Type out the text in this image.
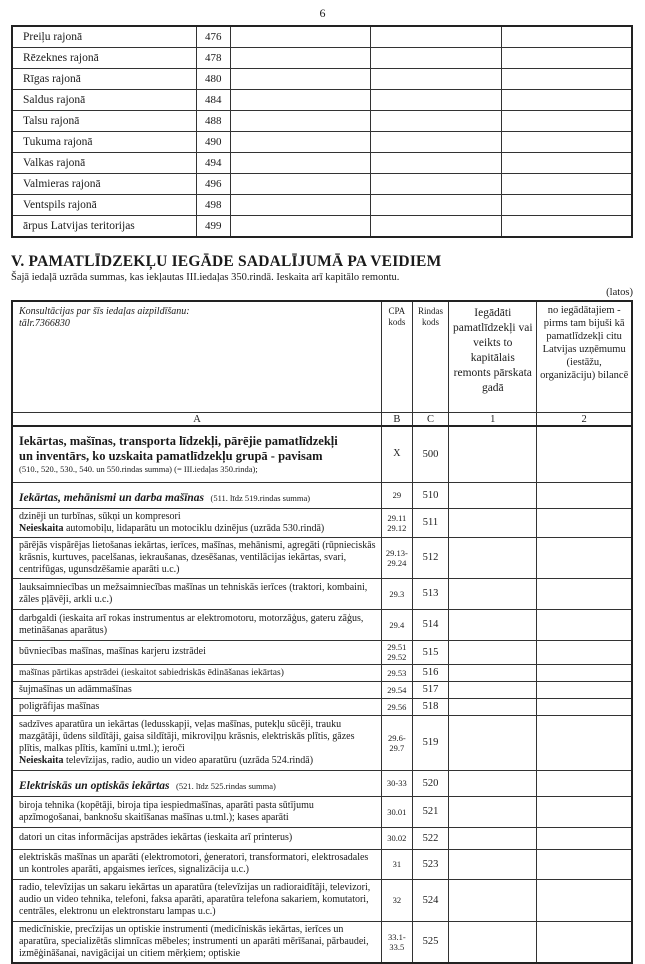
6
Preiļu rajonā	476			
Rēzeknes rajonā	478			
Rīgas rajonā	480			
Saldus rajonā	484			
Talsu rajonā	488			
Tukuma rajonā	490			
Valkas rajonā	494			
Valmieras rajonā	496			
Ventspils rajonā	498			
ārpus Latvijas teritorijas	499			
V. PAMATLĪDZEKĻU IEGĀDE SADALĪJUMĀ PA VEIDIEM
Šajā iedaļā uzrāda summas, kas iekļautas III.iedaļas 350.rindā. Ieskaita arī kapitālo remontu.
(latos)
Konsultācijas par šīs iedaļas aizpildīšanu:
tālr.7366830	CPA kods	Rindas kods	Iegādāti pamatlīdzekļi vai veikts to kapitālais remonts pārskata gadā	no iegādātajiem - pirms tam bijuši kā pamatlīdzekļi citu Latvijas uzņēmumu (iestāžu, organizāciju) bilancē
A	B	C	1	2

Iekārtas, mašīnas, transporta līdzekļi, pārējie pamatlīdzekļi
un inventārs, ko uzskaita pamatlīdzekļu grupā - pavisam
(510., 520., 530., 540. un 550.rindas summa) (= III.iedaļas 350.rinda);	X	500		
Iekārtas, mehānismi un darba mašīnas (511. līdz 519.rindas summa)	29	510		

dzinēji un turbīnas, sūkņi un kompresori
Neieskaita automobiļu, lidaparātu un motociklu dzinējus (uzrāda 530.rindā)	29.11 29.12	511		
pārējās vispārējas lietošanas iekārtas, ierīces, mašīnas, mehānismi, agregāti (rūpnieciskās krāsnis, kurtuves, pacelšanas, iekraušanas, dzesēšanas, ventilācijas iekārtas, svari, centrifūgas, ugunsdzēšamie aparāti u.c.)	29.13- 29.24	512		
lauksaimniecības un mežsaimniecības mašīnas un tehniskās ierīces (traktori, kombaini, zāles pļāvēji, arkli u.c.)	29.3	513		
darbgaldi (ieskaita arī rokas instrumentus ar elektromotoru, motorzāģus, gateru zāģus, metināšanas aparātus)	29.4	514		
būvniecības mašīnas, mašīnas karjeru izstrādei	29.51 29.52	515		
mašīnas pārtikas apstrādei (ieskaitot sabiedriskās ēdināšanas iekārtas)	29.53	516		
šujmašīnas un adāmmašīnas	29.54	517		
poligrāfijas mašīnas	29.56	518		

sadzīves aparatūra un iekārtas (ledusskapji, veļas mašīnas, putekļu sūcēji, trauku mazgātāji, ūdens sildītāji, gaisa sildītāji, mikroviļņu krāsnis, elektriskās plītis, gāzes plītis, malkas plītis, kamīni u.tml.); ieroči
Neieskaita televīzijas, radio, audio un video aparatūru (uzrāda 524.rindā)	29.6- 29.7	519		
Elektriskās un optiskās iekārtas (521. līdz 525.rindas summa)	30-33	520		
biroja tehnika (kopētāji, biroja tipa iespiedmašīnas, aparāti pasta sūtījumu apzīmogošanai, banknošu skaitīšanas mašīnas u.tml.); kases aparāti	30.01	521		
datori un citas informācijas apstrādes iekārtas (ieskaita arī printerus)	30.02	522		
elektriskās mašīnas un aparāti (elektromotori, ģeneratori, transformatori, elektrosadales un kontroles aparāti, apgaismes ierīces, signalizācija u.c.)	31	523		
radio, televīzijas un sakaru iekārtas un aparatūra (televīzijas un radioraidītāji, televizori, audio un video tehnika, telefoni, faksa aparāti, aparatūra telefona sakariem, komutatori, centrāles, elektronu un elektronstaru lampas u.c.)	32	524		
medicīniskie, precīzijas un optiskie instrumenti (medicīniskās iekārtas, ierīces un aparatūra, specializētās slimnīcas mēbeles; instrumenti un aparāti mērīšanai, pārbaudei, izmēģināšanai, navigācijai un citiem mērķiem; optiskie	33.1- 33.5	525		
